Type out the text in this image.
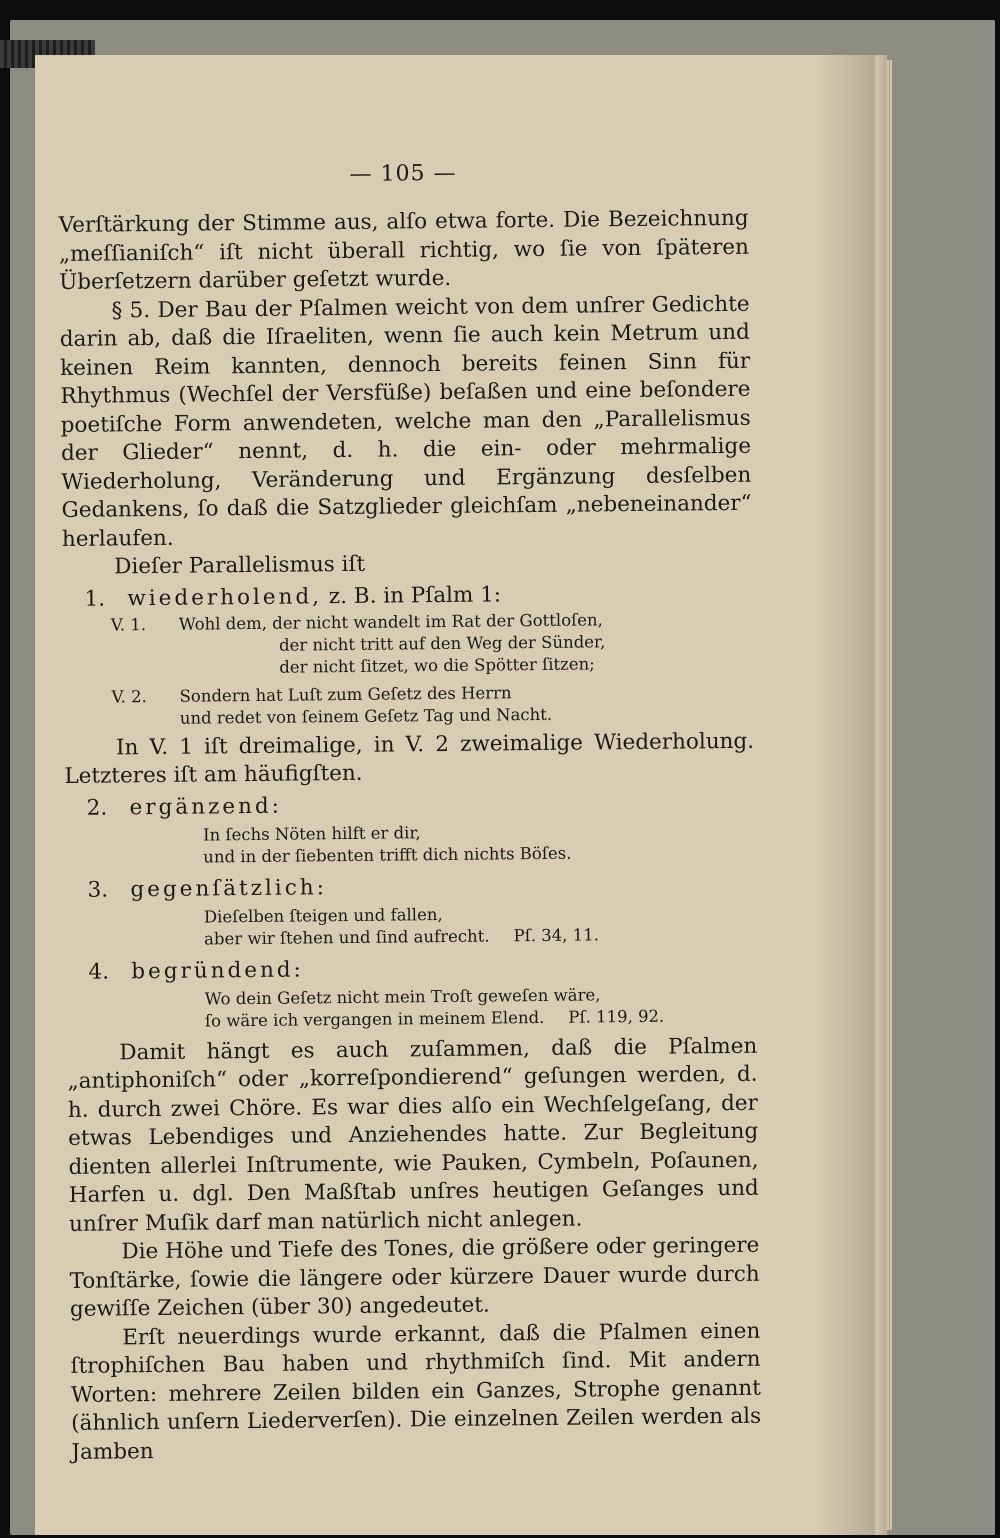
— 105 —

Verſtärkung der Stimme aus, alſo etwa forte. Die Bezeichnung „meſſianiſch“ iſt nicht überall richtig, wo ſie von ſpäteren Überſetzern darüber geſetzt wurde.

§ 5. Der Bau der Pſalmen weicht von dem unſrer Gedichte darin ab, daß die Iſraeliten, wenn ſie auch kein Metrum und keinen Reim kannten, dennoch bereits feinen Sinn für Rhythmus (Wechſel der Versfüße) beſaßen und eine beſondere poetiſche Form anwendeten, welche man den „Parallelismus der Glieder“ nennt, d. h. die ein- oder mehrmalige Wiederholung, Veränderung und Ergänzung desſelben Gedankens, ſo daß die Satzglieder gleichſam „nebeneinander“ herlaufen.

Dieſer Parallelismus iſt

1. wiederholend, z. B. in Pſalm 1:
V. 1.	Wohl dem, der nicht wandelt im Rat der Gottloſen,
der nicht tritt auf den Weg der Sünder,
der nicht ſitzet, wo die Spötter ſitzen;
V. 2.	Sondern hat Luſt zum Geſetz des Herrn
und redet von ſeinem Geſetz Tag und Nacht.

In V. 1 iſt dreimalige, in V. 2 zweimalige Wiederholung. Letzteres iſt am häufigſten.

2. ergänzend:
In ſechs Nöten hilft er dir,
und in der ſiebenten trifft dich nichts Böſes.
3. gegenſätzlich:
Dieſelben ſteigen und fallen,
aber wir ſtehen und ſind aufrecht. Pſ. 34, 11.
4. begründend:
Wo dein Geſetz nicht mein Troſt geweſen wäre,
ſo wäre ich vergangen in meinem Elend. Pſ. 119, 92.

Damit hängt es auch zuſammen, daß die Pſalmen „antiphoniſch“ oder „korreſpondierend“ geſungen werden, d. h. durch zwei Chöre. Es war dies alſo ein Wechſelgeſang, der etwas Lebendiges und Anziehendes hatte. Zur Begleitung dienten allerlei Inſtrumente, wie Pauken, Cymbeln, Poſaunen, Harfen u. dgl. Den Maßſtab unſres heutigen Geſanges und unſrer Muſik darf man natürlich nicht anlegen.

Die Höhe und Tiefe des Tones, die größere oder geringere Tonſtärke, ſowie die längere oder kürzere Dauer wurde durch gewiſſe Zeichen (über 30) angedeutet.

Erſt neuerdings wurde erkannt, daß die Pſalmen einen ſtrophiſchen Bau haben und rhythmiſch ſind. Mit andern Worten: mehrere Zeilen bilden ein Ganzes, Strophe genannt (ähnlich unſern Liederverſen). Die einzelnen Zeilen werden als Jamben
